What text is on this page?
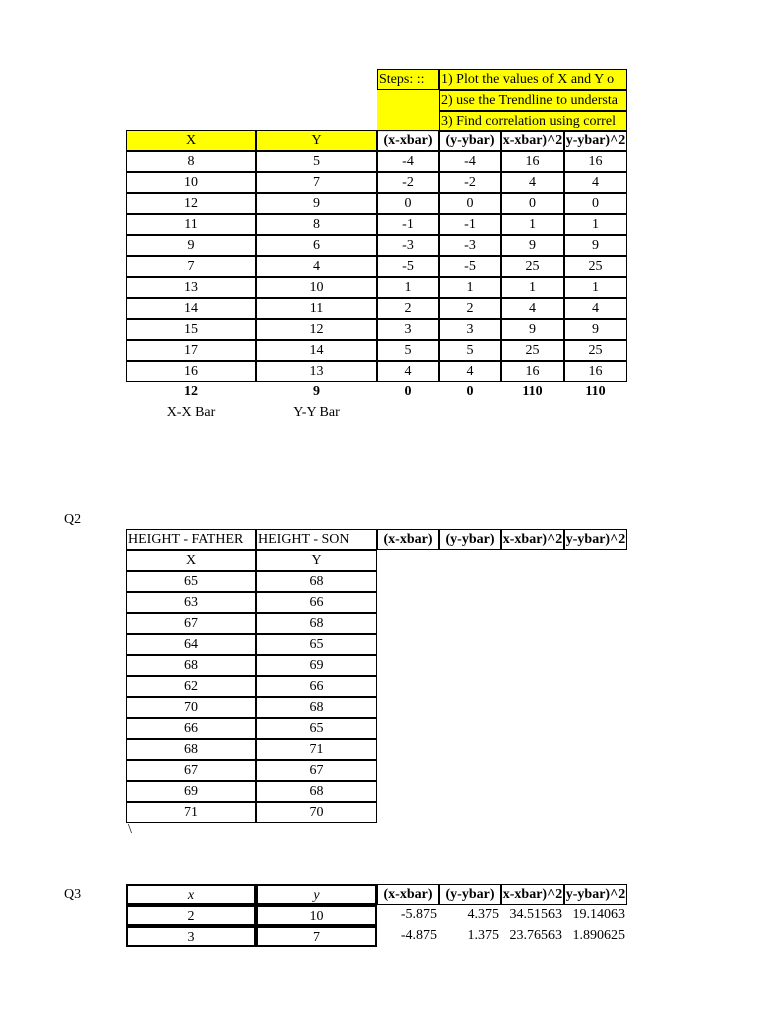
Steps: ::	1) Plot the values of X and Y o
2) use the Trendline to understa
3) Find correlation using correl
X	Y	(x-xbar) (y-ybar) x-xbar)^2 y-ybar)^2
8	5	-4	-4	16	16
10	7	-2	-2	4	4
12	9	0	0	0	0
11	8	-1	-1	1	1
9	6	-3	-3	9	9
7	4	-5	-5	25	25
13	10	1	1	1	1
14	11	2	2	4	4
15	12	3	3	9	9
17	14	5	5	25	25
16	13	4	4	16	16
12	9	0	0	110	110
X-X Bar	Y-Y Bar
Q2
HEIGHT - FATHER	HEIGHT - SON	(x-xbar) (y-ybar) x-xbar)^2 y-ybar)^2
X	Y
65	68
63	66
67	68
64	65
68	69
62	66
70	68
66	65
68	71
67	67
69	68
71	70
\
Q3	x	y	(x-xbar) (y-ybar) x-xbar)^2 y-ybar)^2
2	10	-5.875	4.375 34.51563 19.14063
3	7	-4.875	1.375 23.76563 1.890625
